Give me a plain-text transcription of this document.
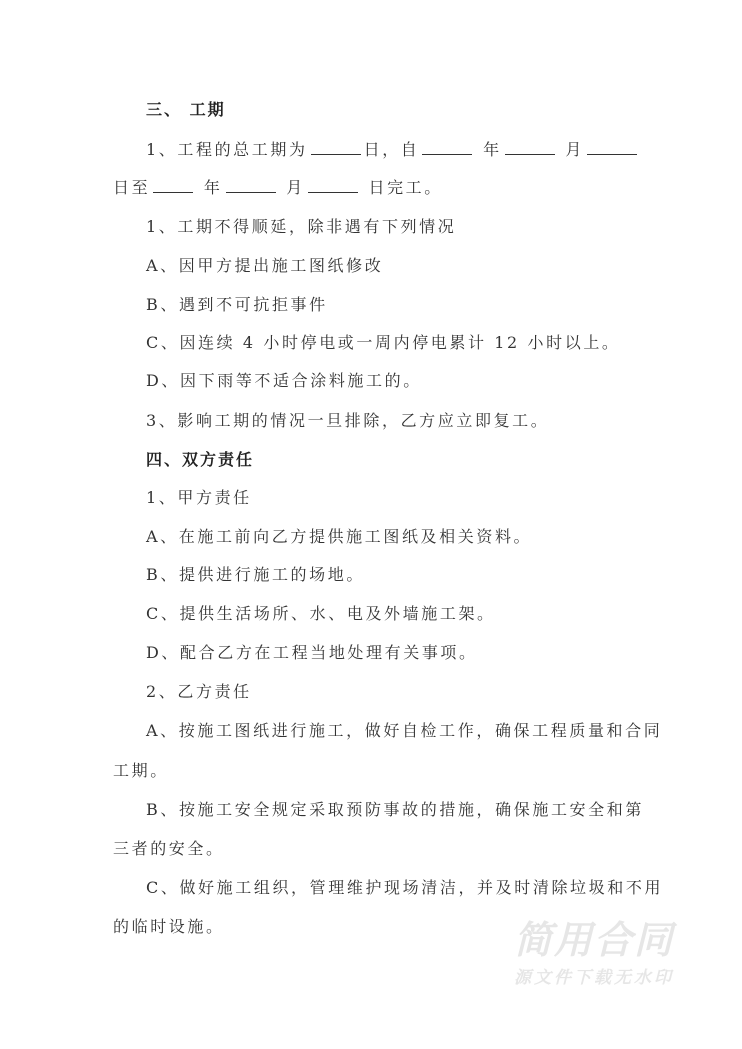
三、 工期
1、工程的总工期为	日，自	年	月
日至	年	月	日完工。
1、工期不得顺延，除非遇有下列情况
A、因甲方提出施工图纸修改
B、遇到不可抗拒事件
C、因连续 4 小时停电或一周内停电累计 12 小时以上。
D、因下雨等不适合涂料施工的。
3、影响工期的情况一旦排除，乙方应立即复工。
四、双方责任
1、甲方责任
A、在施工前向乙方提供施工图纸及相关资料。
B、提供进行施工的场地。
C、提供生活场所、水、电及外墙施工架。
D、配合乙方在工程当地处理有关事项。
2、乙方责任
A、按施工图纸进行施工，做好自检工作，确保工程质量和合同
工期。
B、按施工安全规定采取预防事故的措施，确保施工安全和第
三者的安全。
C、做好施工组织，管理维护现场清洁，并及时清除垃圾和不用
的临时设施。	简用合同
源文件下载无水印
